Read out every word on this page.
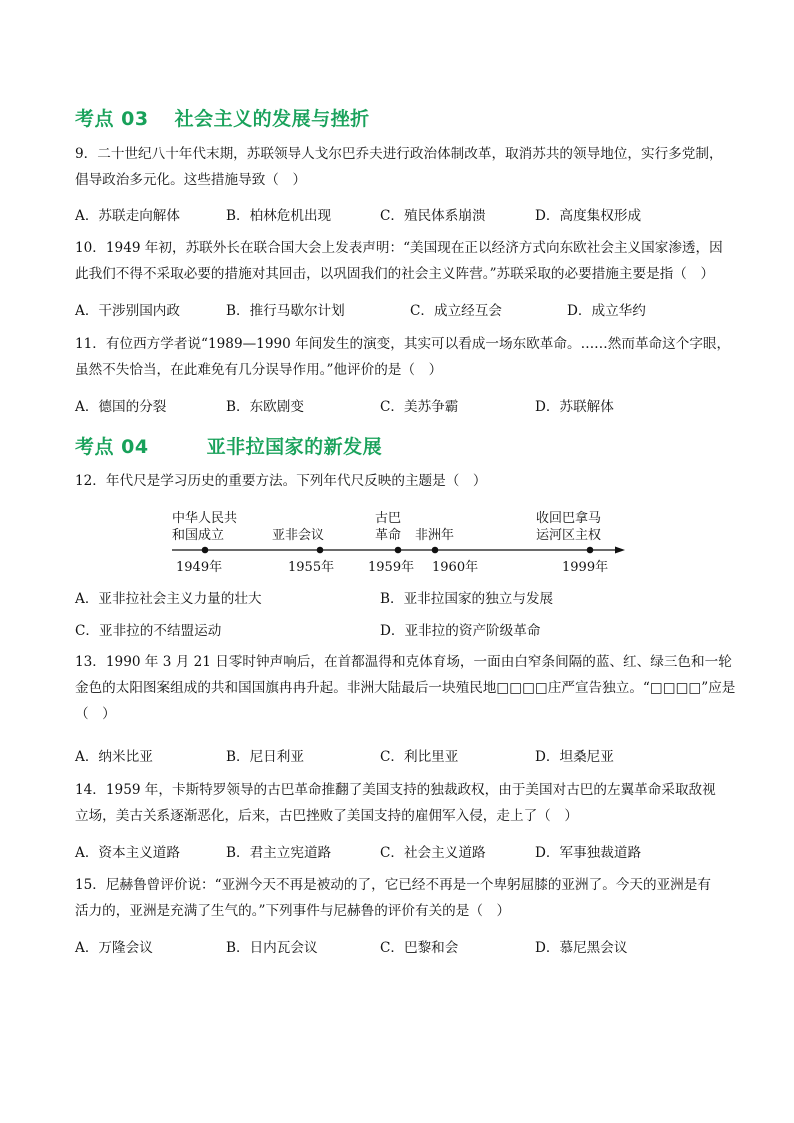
考点 03 社会主义的发展与挫折
9．二十世纪八十年代末期，苏联领导人戈尔巴乔夫进行政治体制改革，取消苏共的领导地位，实行多党制，
倡导政治多元化。这些措施导致（　）
A．苏联走向解体	B．柏林危机出现	C．殖民体系崩溃	D．高度集权形成
10．1949 年初，苏联外长在联合国大会上发表声明：“美国现在正以经济方式向东欧社会主义国家渗透，因
此我们不得不采取必要的措施对其回击，以巩固我们的社会主义阵营。”苏联采取的必要措施主要是指（　）
A．干涉别国内政	B．推行马歇尔计划	C．成立经互会	D．成立华约
11．有位西方学者说“1989—1990 年间发生的演变，其实可以看成一场东欧革命。……然而革命这个字眼，
虽然不失恰当，在此难免有几分误导作用。”他评价的是（　）
A．德国的分裂	B．东欧剧变	C．美苏争霸	D．苏联解体
考点 04	亚非拉国家的新发展
12．年代尺是学习历史的重要方法。下列年代尺反映的主题是（　）
中华人民共
和国成立
1949年
亚非会议
1955年
古巴
革命
1959年
非洲年
1960年
收回巴拿马
运河区主权
1999年
A．亚非拉社会主义力量的壮大	B．亚非拉国家的独立与发展
C．亚非拉的不结盟运动	D．亚非拉的资产阶级革命
13．1990 年 3 月 21 日零时钟声响后，在首都温得和克体育场，一面由白窄条间隔的蓝、红、绿三色和一轮
金色的太阳图案组成的共和国国旗冉冉升起。非洲大陆最后一块殖民地□□□□庄严宣告独立。“□□□□”应是
（　）
A．纳米比亚	B．尼日利亚	C．利比里亚	D．坦桑尼亚
14．1959 年，卡斯特罗领导的古巴革命推翻了美国支持的独裁政权，由于美国对古巴的左翼革命采取敌视
立场，美古关系逐渐恶化，后来，古巴挫败了美国支持的雇佣军入侵，走上了（　）
A．资本主义道路	B．君主立宪道路	C．社会主义道路	D．军事独裁道路
15．尼赫鲁曾评价说：“亚洲今天不再是被动的了，它已经不再是一个卑躬屈膝的亚洲了。今天的亚洲是有
活力的，亚洲是充满了生气的。”下列事件与尼赫鲁的评价有关的是（　）
A．万隆会议	B．日内瓦会议	C．巴黎和会	D．慕尼黑会议
